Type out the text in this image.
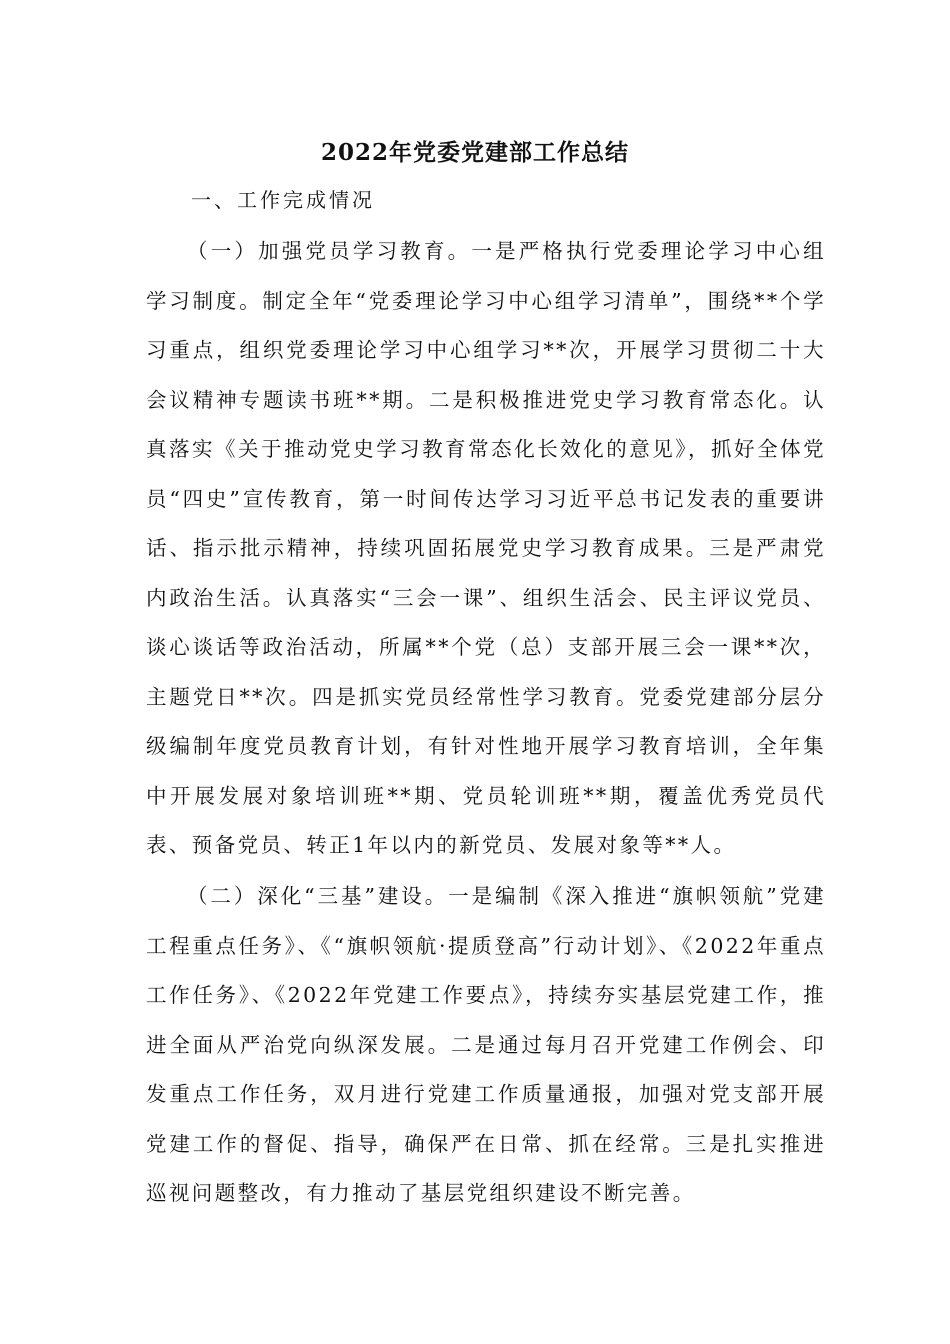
2022年党委党建部工作总结
一、工作完成情况

（一）加强党员学习教育。一是严格执行党委理论学习中心组学习制度。制定全年“党委理论学习中心组学习清单”，围绕**个学习重点，组织党委理论学习中心组学习**次，开展学习贯彻二十大会议精神专题读书班**期。二是积极推进党史学习教育常态化。认真落实《关于推动党史学习教育常态化长效化的意见》，抓好全体党员“四史”宣传教育，第一时间传达学习习近平总书记发表的重要讲话、指示批示精神，持续巩固拓展党史学习教育成果。三是严肃党内政治生活。认真落实“三会一课”、组织生活会、民主评议党员、谈心谈话等政治活动，所属**个党（总）支部开展三会一课**次，主题党日**次。四是抓实党员经常性学习教育。党委党建部分层分级编制年度党员教育计划，有针对性地开展学习教育培训，全年集中开展发展对象培训班**期、党员轮训班**期，覆盖优秀党员代表、预备党员、转正1年以内的新党员、发展对象等**人。

（二）深化“三基”建设。一是编制《深入推进“旗帜领航”党建工程重点任务》、《“旗帜领航·提质登高”行动计划》、《2022年重点工作任务》、《2022年党建工作要点》，持续夯实基层党建工作，推进全面从严治党向纵深发展。二是通过每月召开党建工作例会、印发重点工作任务，双月进行党建工作质量通报，加强对党支部开展党建工作的督促、指导，确保严在日常、抓在经常。三是扎实推进巡视问题整改，有力推动了基层党组织建设不断完善。
